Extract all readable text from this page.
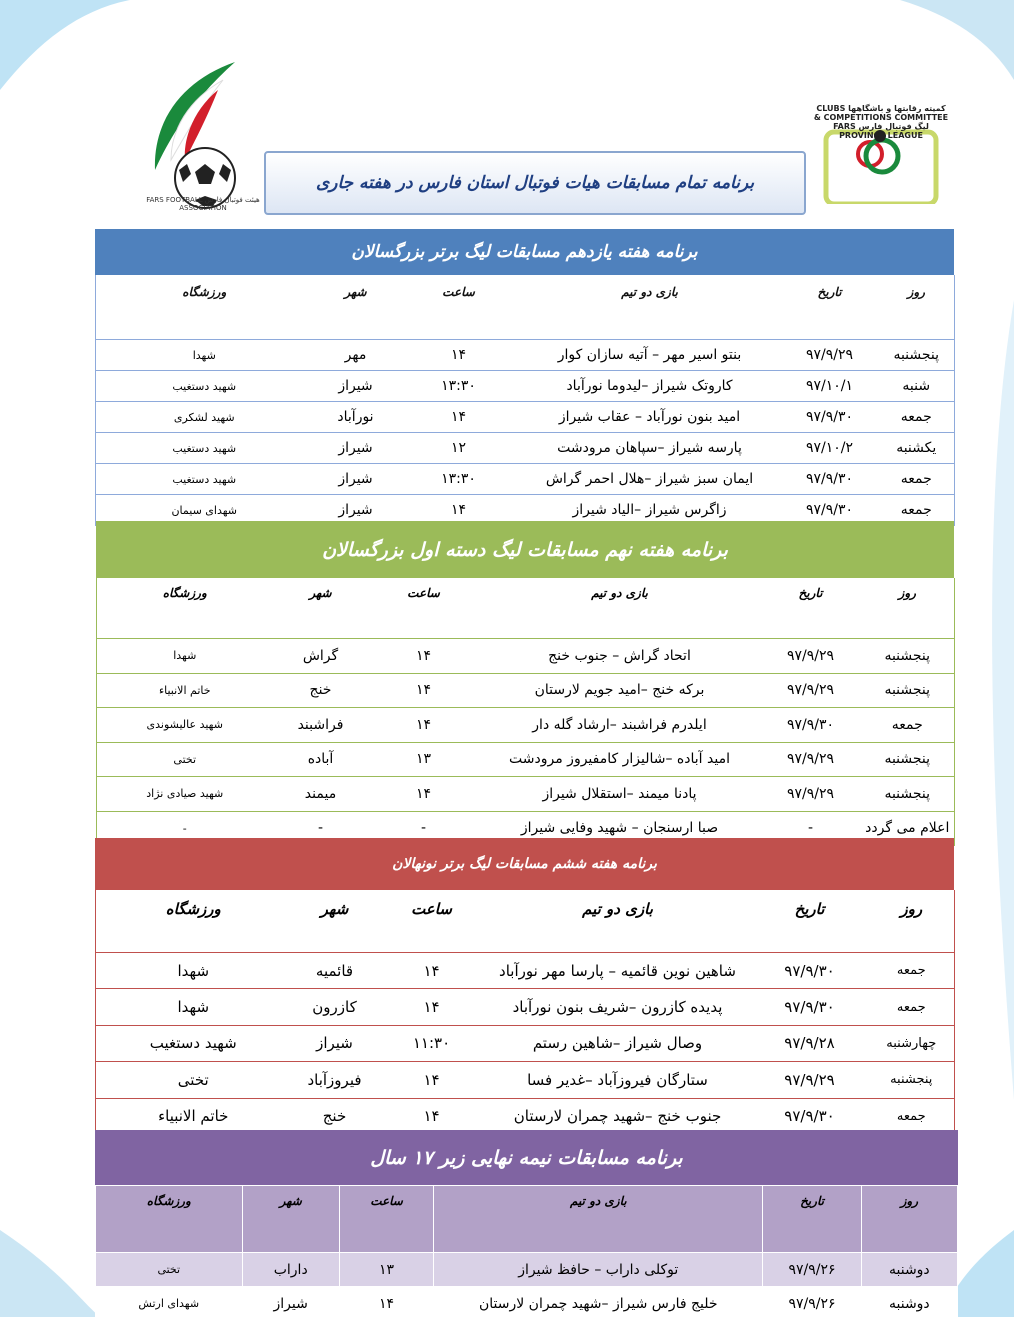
هیئت فوتبال فارس FARS FOOTBALL ASSOCIATION
برنامه تمام مسابقات هیات فوتبال استان فارس در هفته جاری
کمیته رقابتها و باشگاهها CLUBS & COMPETITIONS COMMITTEE لیگ فوتبال فارس FARS PROVINCE LEAGUE
برنامه هفته یازدهم مسابقات لیگ برتر بزرگسالان
روز	تاریخ	بازی دو تیم	ساعت	شهر	ورزشگاه
پنجشنبه	۹۷/۹/۲۹	بنتو اسیر مهر – آتیه سازان کوار	۱۴	مهر	شهدا
شنبه	۹۷/۱۰/۱	کاروتک شیراز –لیدوما نورآباد	۱۳:۳۰	شیراز	شهید دستغیب
جمعه	۹۷/۹/۳۰	امید بنون نورآباد – عقاب شیراز	۱۴	نورآباد	شهید لشکری
یکشنبه	۹۷/۱۰/۲	پارسه شیراز –سپاهان مرودشت	۱۲	شیراز	شهید دستغیب
جمعه	۹۷/۹/۳۰	ایمان سبز شیراز –هلال احمر گراش	۱۳:۳۰	شیراز	شهید دستغیب
جمعه	۹۷/۹/۳۰	زاگرس شیراز –الیاد شیراز	۱۴	شیراز	شهدای سیمان
برنامه هفته نهم مسابقات لیگ دسته اول بزرگسالان
روز	تاریخ	بازی دو تیم	ساعت	شهر	ورزشگاه
پنجشنبه	۹۷/۹/۲۹	اتحاد گراش – جنوب خنج	۱۴	گراش	شهدا
پنجشنبه	۹۷/۹/۲۹	برکه خنج –امید جویم لارستان	۱۴	خنج	خاتم الانبیاء
جمعه	۹۷/۹/۳۰	ایلدرم فراشبند –ارشاد گله دار	۱۴	فراشبند	شهید عالیشوندی
پنجشنبه	۹۷/۹/۲۹	امید آباده –شالیزار کامفیروز مرودشت	۱۳	آباده	تختی
پنجشنبه	۹۷/۹/۲۹	پادنا میمند –استقلال شیراز	۱۴	میمند	شهید صیادی نژاد
اعلام می گردد	-	صبا ارسنجان – شهید وفایی شیراز	-	-	-
برنامه هفته ششم مسابقات لیگ برتر نونهالان
روز	تاریخ	بازی دو تیم	ساعت	شهر	ورزشگاه
جمعه	۹۷/۹/۳۰	شاهین نوین قائمیه – پارسا مهر نورآباد	۱۴	قائمیه	شهدا
جمعه	۹۷/۹/۳۰	پدیده کازرون –شریف بنون نورآباد	۱۴	کازرون	شهدا
چهارشنبه	۹۷/۹/۲۸	وصال شیراز –شاهین رستم	۱۱:۳۰	شیراز	شهید دستغیب
پنجشنبه	۹۷/۹/۲۹	ستارگان فیروزآباد –غدیر فسا	۱۴	فیروزآباد	تختی
جمعه	۹۷/۹/۳۰	جنوب خنج –شهید چمران لارستان	۱۴	خنج	خاتم الانبیاء
برنامه مسابقات نیمه نهایی زیر ۱۷ سال
روز	تاریخ	بازی دو تیم	ساعت	شهر	ورزشگاه
دوشنبه	۹۷/۹/۲۶	توکلی داراب – حافظ شیراز	۱۳	داراب	تختی
دوشنبه	۹۷/۹/۲۶	خلیج فارس شیراز –شهید چمران لارستان	۱۴	شیراز	شهدای ارتش
